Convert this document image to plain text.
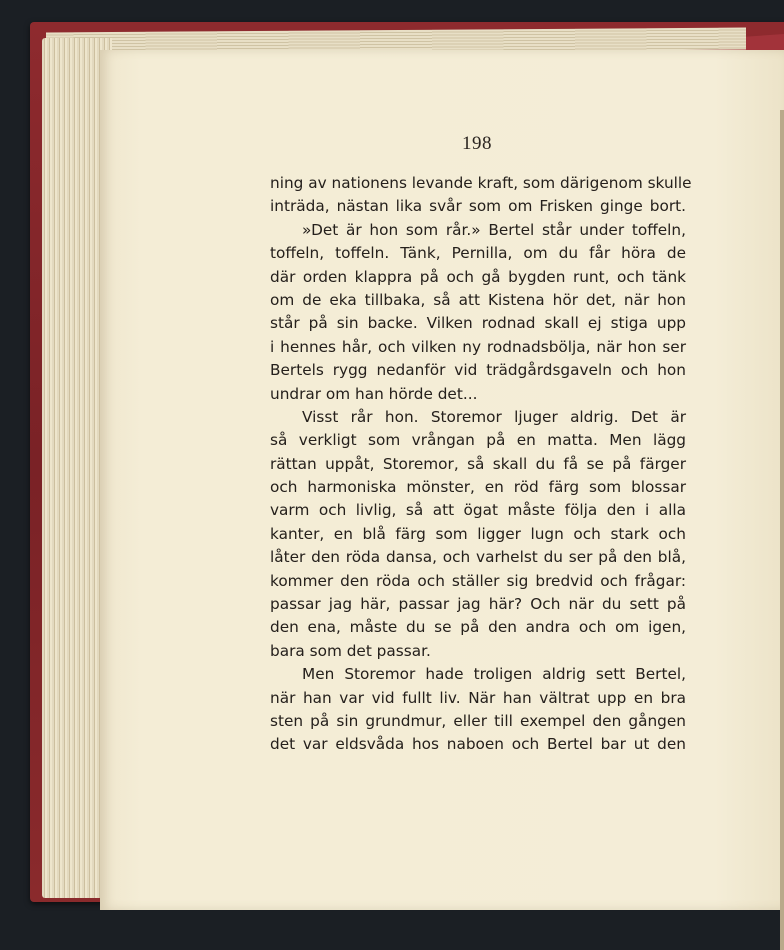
198
ning av nationens levande kraft, som därigenom skulle
inträda, nästan lika svår som om Frisken ginge bort.
»Det är hon som rår.» Bertel står under toffeln,
toffeln, toffeln. Tänk, Pernilla, om du får höra de
där orden klappra på och gå bygden runt, och tänk
om de eka tillbaka, så att Kistena hör det, när hon
står på sin backe. Vilken rodnad skall ej stiga upp
i hennes hår, och vilken ny rodnadsbölja, när hon ser
Bertels rygg nedanför vid trädgårdsgaveln och hon
undrar om han hörde det...
Visst rår hon. Storemor ljuger aldrig. Det är
så verkligt som vrångan på en matta. Men lägg
rättan uppåt, Storemor, så skall du få se på färger
och harmoniska mönster, en röd färg som blossar
varm och livlig, så att ögat måste följa den i alla
kanter, en blå färg som ligger lugn och stark och
låter den röda dansa, och varhelst du ser på den blå,
kommer den röda och ställer sig bredvid och frågar:
passar jag här, passar jag här? Och när du sett på
den ena, måste du se på den andra och om igen,
bara som det passar.
Men Storemor hade troligen aldrig sett Bertel,
när han var vid fullt liv. När han vältrat upp en bra
sten på sin grundmur, eller till exempel den gången
det var eldsvåda hos naboen och Bertel bar ut den
